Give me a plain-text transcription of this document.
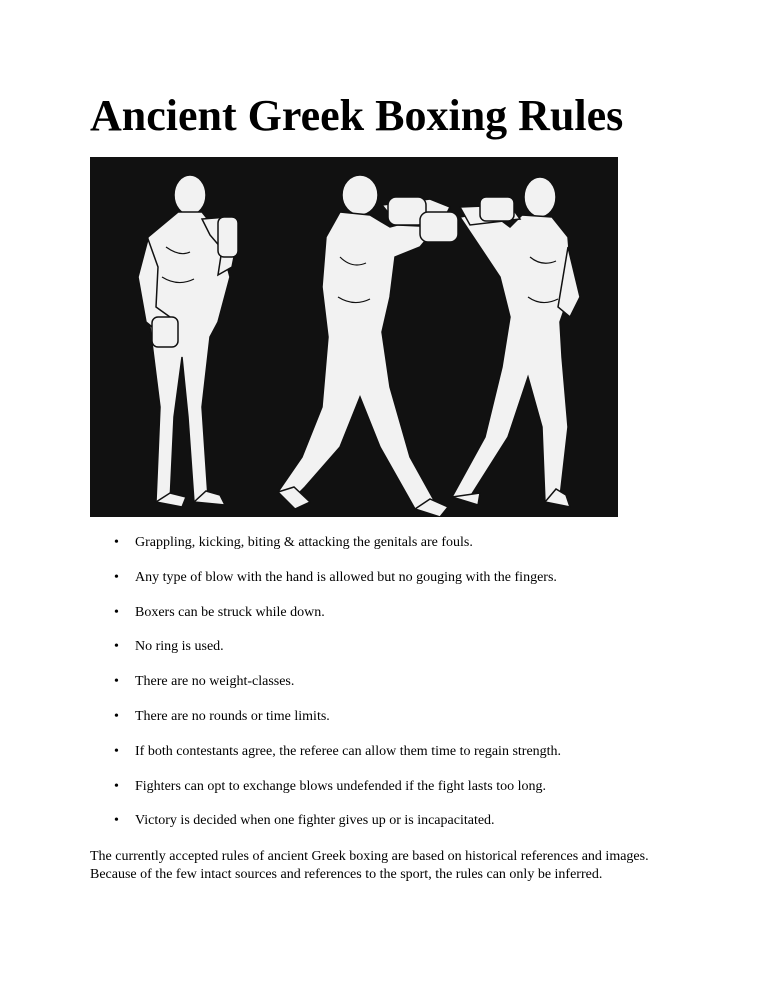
Ancient Greek Boxing Rules
• Grappling, kicking, biting & attacking the genitals are fouls.
• Any type of blow with the hand is allowed but no gouging with the fingers.
• Boxers can be struck while down.
• No ring is used.
• There are no weight-classes.
• There are no rounds or time limits.
• If both contestants agree, the referee can allow them time to regain strength.
• Fighters can opt to exchange blows undefended if the fight lasts too long.
• Victory is decided when one fighter gives up or is incapacitated.

The currently accepted rules of ancient Greek boxing are based on historical references and images. Because of the few intact sources and references to the sport, the rules can only be inferred.
